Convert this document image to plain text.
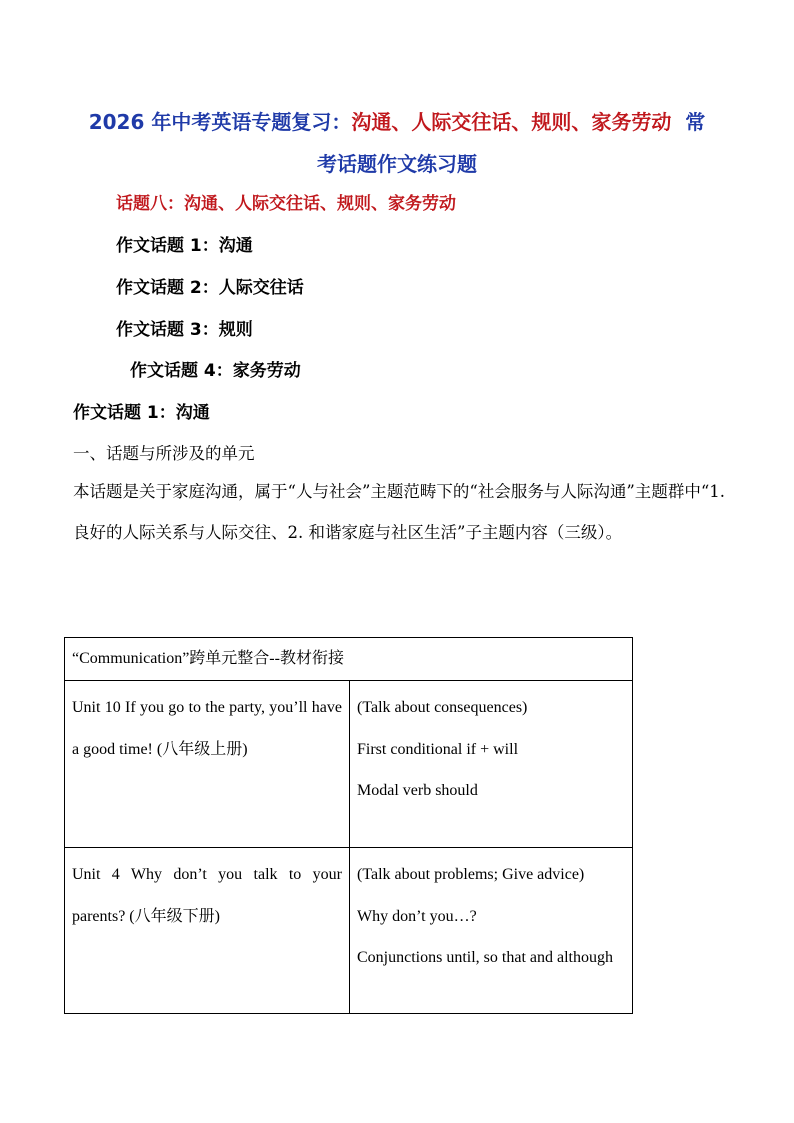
2026 年中考英语专题复习：沟通、人际交往话、规则、家务劳动 常
考话题作文练习题
话题八：沟通、人际交往话、规则、家务劳动
作文话题 1：沟通
作文话题 2：人际交往话
作文话题 3：规则
作文话题 4：家务劳动
作文话题 1：沟通
一、话题与所涉及的单元
本话题是关于家庭沟通，属于“人与社会”主题范畴下的“社会服务与人际沟通”主题群中“1.良好的人际关系与人际交往、2. 和谐家庭与社区生活”子主题内容（三级）。
“Communication”跨单元整合--教材衔接	
Unit 10 If you go to the party, you’ll have a good time! (八年级上册)	(Talk about consequences)
First conditional if + will
Modal verb should

Unit 4 Why don’t you talk to your parents? (八年级下册)	(Talk about problems; Give advice)
Why don’t you…?
Conjunctions until, so that and although
